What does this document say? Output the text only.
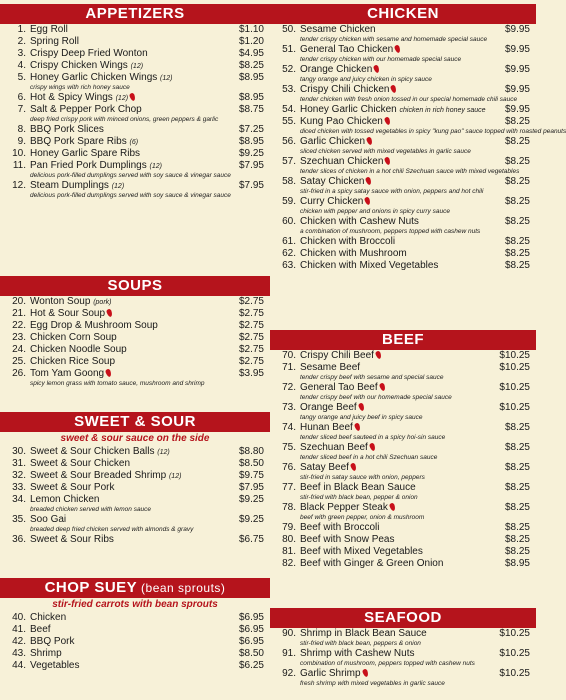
APPETIZERS
1. Egg Roll	$1.10
2. Spring Roll	$1.20
3. Crispy Deep Fried Wonton	$4.95
4. Crispy Chicken Wings (12)	$8.25
5. Honey Garlic Chicken Wings (12)	$8.95
crispy wings with rich honey sauce
6. Hot & Spicy Wings (12)	$8.95
7. Salt & Pepper Pork Chop	$8.75
deep fried crispy pork with minced onions, green peppers & garlic
8. BBQ Pork Slices	$7.25
9. BBQ Pork Spare Ribs (6)	$8.95
10. Honey Garlic Spare Ribs	$9.25
11. Pan Fried Pork Dumplings (12)	$7.95
delicious pork-filled dumplings served with soy sauce & vinegar sauce
12. Steam Dumplings (12)	$7.95
delicious pork-filled dumplings served with soy sauce & vinegar sauce
SOUPS
20. Wonton Soup (pork)	$2.75
21. Hot & Sour Soup	$2.75
22. Egg Drop & Mushroom Soup	$2.75
23. Chicken Corn Soup	$2.75
24. Chicken Noodle Soup	$2.75
25. Chicken Rice Soup	$2.75
26. Tom Yam Goong	$3.95
spicy lemon grass with tomato sauce, mushroom and shrimp
SWEET & SOUR
sweet & sour sauce on the side
30. Sweet & Sour Chicken Balls (12)	$8.80
31. Sweet & Sour Chicken	$8.50
32. Sweet & Sour Breaded Shrimp (12)	$9.75
33. Sweet & Sour Pork	$7.95
34. Lemon Chicken	$9.25
breaded chicken served with lemon sauce
35. Soo Gai	$9.25
breaded deep fried chicken served with almonds & gravy
36. Sweet & Sour Ribs	$6.75
CHOP SUEY (bean sprouts)
stir-fried carrots with bean sprouts
40. Chicken	$6.95
41. Beef	$6.95
42. BBQ Pork	$6.95
43. Shrimp	$8.50
44. Vegetables	$6.25
CHICKEN
50. Sesame Chicken	$9.95
tender crispy chicken with sesame and homemade special sauce
51. General Tao Chicken	$9.95
tender crispy chicken with our homemade special sauce
52. Orange Chicken	$9.95
tangy orange and juicy chicken in spicy sauce
53. Crispy Chili Chicken	$9.95
tender chicken with fresh onion tossed in our special homemade chili sauce
54. Honey Garlic Chicken chicken in rich honey sauce	$9.95
55. Kung Pao Chicken	$8.25
diced chicken with tossed vegetables in spicy "kung pao" sauce topped with roasted peanuts
56. Garlic Chicken	$8.25
sliced chicken served with mixed vegetables in garlic sauce
57. Szechuan Chicken	$8.25
tender slices of chicken in a hot chili Szechuan sauce with mixed vegetables
58. Satay Chicken	$8.25
stir-fried in a spicy satay sauce with onion, peppers and hot chili
59. Curry Chicken	$8.25
chicken with pepper and onions in spicy curry sauce
60. Chicken with Cashew Nuts	$8.25
a combination of mushroom, peppers topped with cashew nuts
61. Chicken with Broccoli	$8.25
62. Chicken with Mushroom	$8.25
63. Chicken with Mixed Vegetables	$8.25
BEEF
70. Crispy Chili Beef	$10.25
71. Sesame Beef	$10.25
tender crispy beef with sesame and special sauce
72. General Tao Beef	$10.25
tender crispy beef with our homemade special sauce
73. Orange Beef	$10.25
tangy orange and juicy beef in spicy sauce
74. Hunan Beef	$8.25
tender sliced beef sauteed in a spicy hoi-sin sauce
75. Szechuan Beef	$8.25
tender sliced beef in a hot chili Szechuan sauce
76. Satay Beef	$8.25
stir-fried in satay sauce with onion, peppers
77. Beef in Black Bean Sauce	$8.25
stir-fried with black bean, pepper & onion
78. Black Pepper Steak	$8.25
beef with green pepper, onion & mushroom
79. Beef with Broccoli	$8.25
80. Beef with Snow Peas	$8.25
81. Beef with Mixed Vegetables	$8.25
82. Beef with Ginger & Green Onion	$8.95
SEAFOOD
90. Shrimp in Black Bean Sauce	$10.25
stir-fried with black bean, peppers & onion
91. Shrimp with Cashew Nuts	$10.25
combination of mushroom, peppers topped with cashew nuts
92. Garlic Shrimp	$10.25
fresh shrimp with mixed vegetables in garlic sauce
